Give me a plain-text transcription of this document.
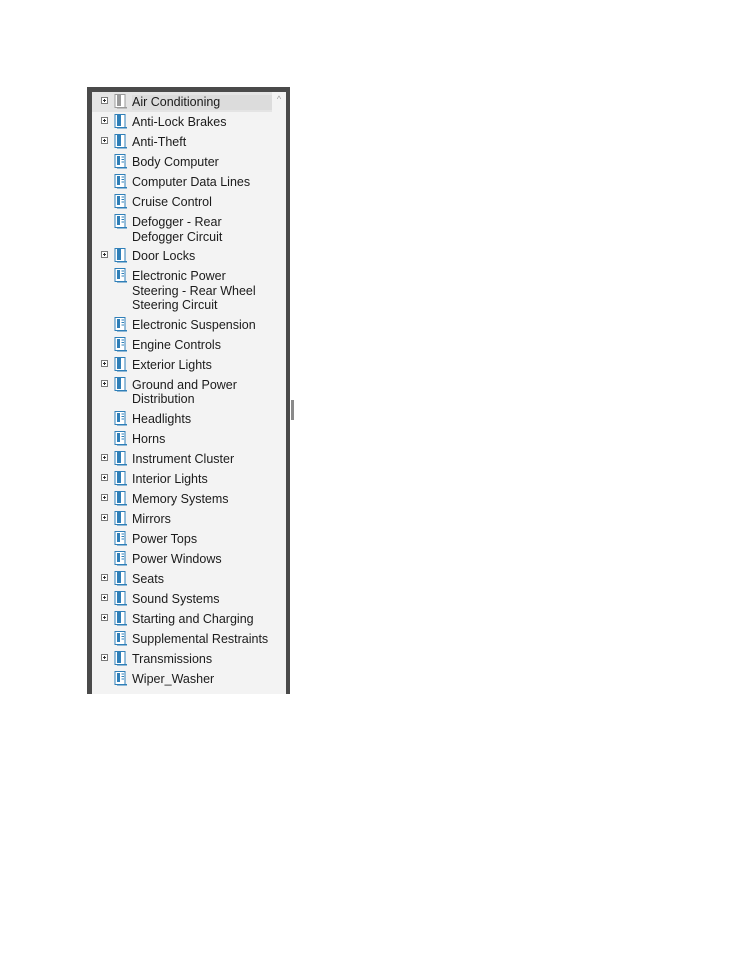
Air Conditioning
Anti-Lock Brakes
Anti-Theft
Body Computer
Computer Data Lines
Cruise Control
Defogger - Rear Defogger Circuit
Door Locks
Electronic Power Steering - Rear Wheel Steering Circuit
Electronic Suspension
Engine Controls
Exterior Lights
Ground and Power Distribution
Headlights
Horns
Instrument Cluster
Interior Lights
Memory Systems
Mirrors
Power Tops
Power Windows
Seats
Sound Systems
Starting and Charging
Supplemental Restraints
Transmissions
Wiper_Washer
^
